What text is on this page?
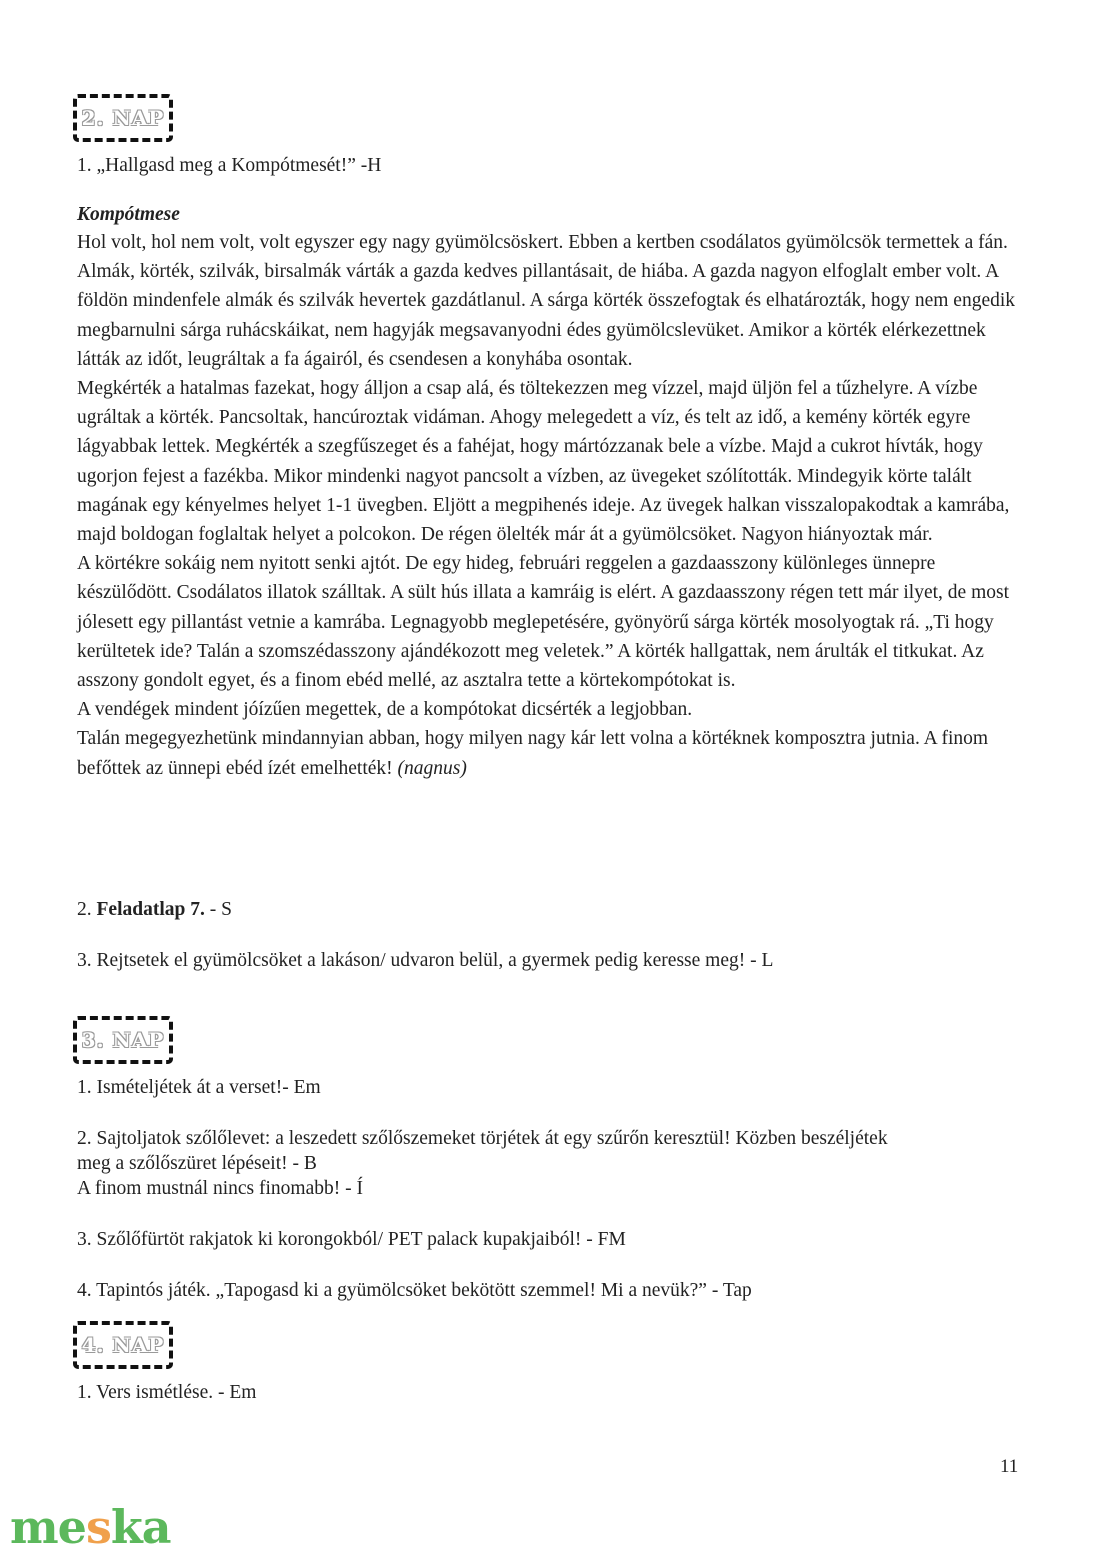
2. NAP

1. „Hallgasd meg a Kompótmesét!” -H

Kompótmese

Hol volt, hol nem volt, volt egyszer egy nagy gyümölcsöskert. Ebben a kertben csodálatos gyümölcsök termettek a fán. Almák, körték, szilvák, birsalmák várták a gazda kedves pillantásait, de hiába. A gazda nagyon elfoglalt ember volt. A földön mindenfele almák és szilvák hevertek gazdátlanul. A sárga körték összefogtak és elhatározták, hogy nem engedik megbarnulni sárga ruhácskáikat, nem hagyják megsavanyodni édes gyümölcslevüket. Amikor a körték elérkezettnek látták az időt, leugráltak a fa ágairól, és csendesen a konyhába osontak.

Megkérték a hatalmas fazekat, hogy álljon a csap alá, és töltekezzen meg vízzel, majd üljön fel a tűzhelyre. A vízbe ugráltak a körték. Pancsoltak, hancúroztak vidáman. Ahogy melegedett a víz, és telt az idő, a kemény körték egyre lágyabbak lettek. Megkérték a szegfűszeget és a fahéjat, hogy mártózzanak bele a vízbe. Majd a cukrot hívták, hogy ugorjon fejest a fazékba. Mikor mindenki nagyot pancsolt a vízben, az üvegeket szólították. Mindegyik körte talált magának egy kényelmes helyet 1-1 üvegben. Eljött a megpihenés ideje. Az üvegek halkan visszalopakodtak a kamrába, majd boldogan foglaltak helyet a polcokon. De régen ölelték már át a gyümölcsöket. Nagyon hiányoztak már.

A körtékre sokáig nem nyitott senki ajtót. De egy hideg, februári reggelen a gazdaasszony különleges ünnepre készülődött. Csodálatos illatok szálltak. A sült hús illata a kamráig is elért. A gazdaasszony régen tett már ilyet, de most jólesett egy pillantást vetnie a kamrába. Legnagyobb meglepetésére, gyönyörű sárga körték mosolyogtak rá. „Ti hogy kerültetek ide? Talán a szomszédasszony ajándékozott meg veletek.” A körték hallgattak, nem árulták el titkukat. Az asszony gondolt egyet, és a finom ebéd mellé, az asztalra tette a körtekompótokat is.

A vendégek mindent jóízűen megettek, de a kompótokat dicsérték a legjobban.

Talán megegyezhetünk mindannyian abban, hogy milyen nagy kár lett volna a körtéknek komposztra jutnia. A finom befőttek az ünnepi ebéd ízét emelhették! (nagnus)

2. Feladatlap 7. - S

3. Rejtsetek el gyümölcsöket a lakáson/ udvaron belül, a gyermek pedig keresse meg! - L

3. NAP

1. Ismételjétek át a verset!- Em

2. Sajtoljatok szőlőlevet: a leszedett szőlőszemeket törjétek át egy szűrőn keresztül! Közben beszéljétek

meg a szőlőszüret lépéseit! - B

A finom mustnál nincs finomabb! - Í

3. Szőlőfürtöt rakjatok ki korongokból/ PET palack kupakjaiból! - FM

4. Tapintós játék. „Tapogasd ki a gyümölcsöket bekötött szemmel! Mi a nevük?” - Tap

4. NAP

1. Vers ismétlése. - Em

11
meska
